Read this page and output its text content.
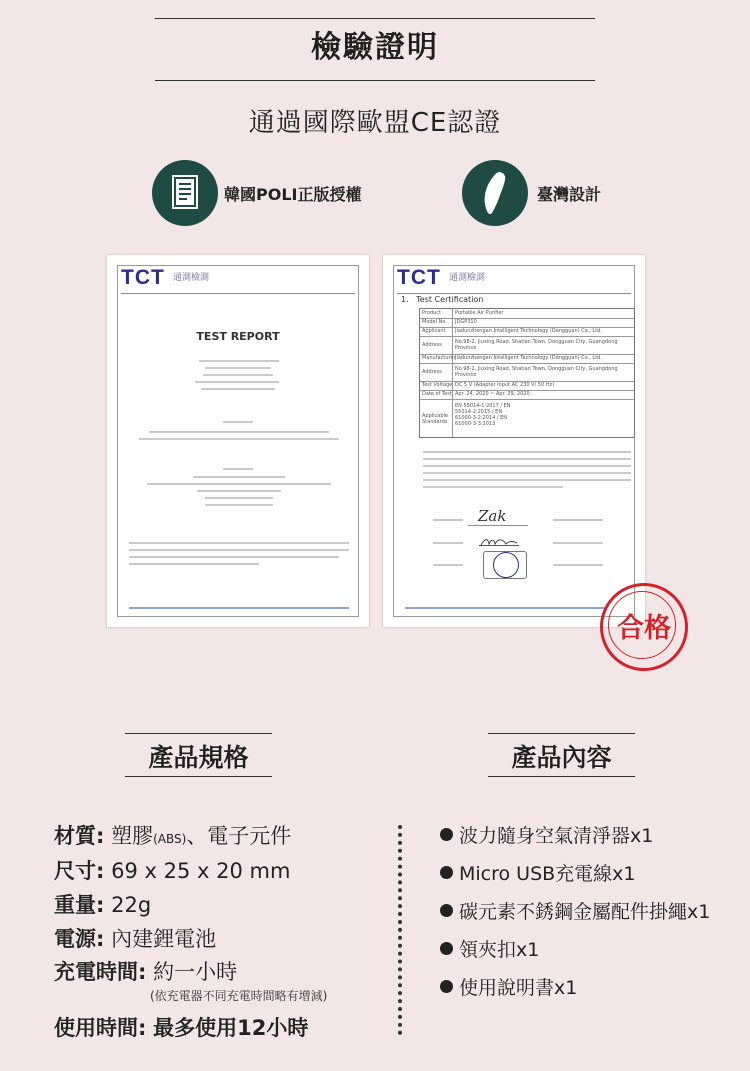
檢驗證明
通過國際歐盟CE認證
韓國POLI正版授權	臺灣設計
TCT 通測檢測
TEST REPORT
TCT 通測檢測
1.   Test Certification
Product	Portable Air Purifier
Model No. JDGP310
Applicant Jiadunzhengan Intelligent Technology (Dongguan) Co., Ltd.
Address	No.98-2, Jiuxing Road, Shatian Town, Dongguan City, Guangdong Province
Manufacturer Jiadunzhengan Intelligent Technology (Dongguan) Co., Ltd.
Address	No.98-2, Jiuxing Road, Shatian Town, Dongguan City, Guangdong Province
Test Voltage DC 5 V (Adapter Input AC 230 V/ 50 Hz)
Date of Test Apr. 24, 2020 ~ Apr. 29, 2020
Applicable Standards
EN 55014-1:2017 / EN 55014-2:2015 / EN 61000-3-2:2014 / EN 61000-3-3:2013
Zak
合格
產品規格	產品內容
材質: 塑膠(ABS)、電子元件
尺寸: 69 x 25 x 20 mm
重量: 22g
電源: 內建鋰電池
充電時間: 約一小時
(依充電器不同充電時間略有增減)
使用時間: 最多使用12小時
波力隨身空氣清淨器x1
Micro USB充電線x1
碳元素不銹鋼金屬配件掛繩x1
領夾扣x1
使用說明書x1
